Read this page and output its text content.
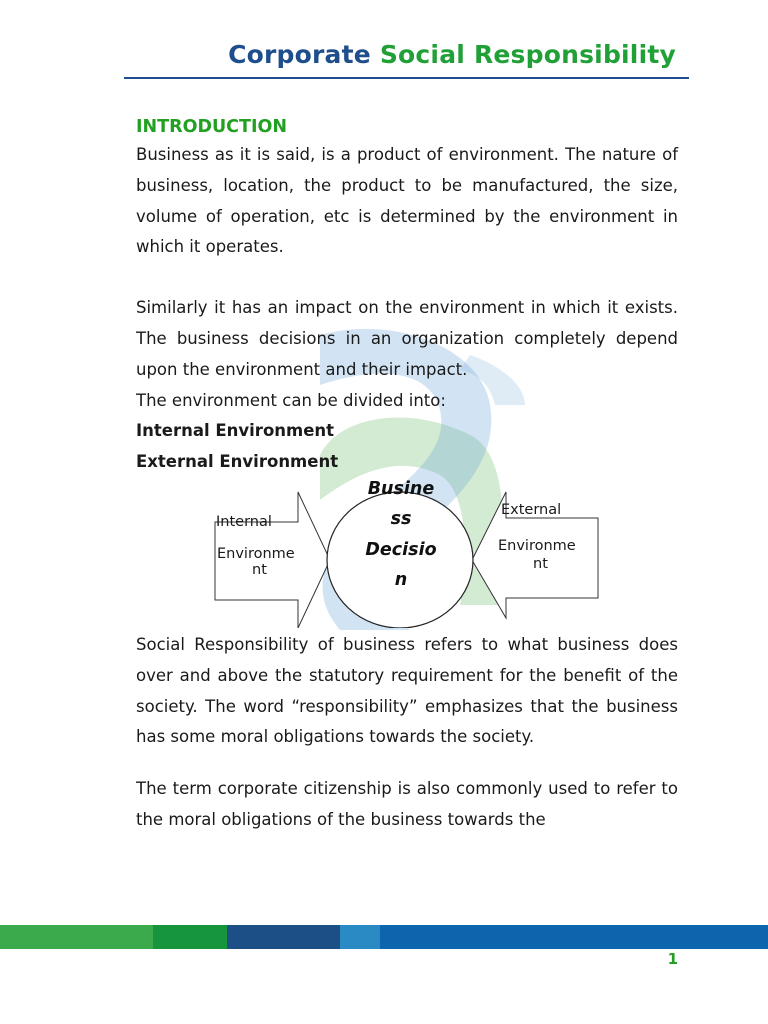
Corporate Social Responsibility
INTRODUCTION

Business as it is said, is a product of environment. The nature of business, location, the product to be manufactured, the size, volume of operation, etc is determined by the environment in which it operates.

Similarly it has an impact on the environment in which it exists. The business decisions in an organization completely depend upon the environment and their impact.

The environment can be divided into:

Internal Environment

External Environment

Internal
Environme
nt
External
Environme
nt
Busine
ss
Decisio
n

Social Responsibility of business refers to what business does over and above the statutory requirement for the benefit of the society. The word “responsibility” emphasizes that the business has some moral obligations towards the society.

The term corporate citizenship is also commonly used to refer to the moral obligations of the business towards the

1
